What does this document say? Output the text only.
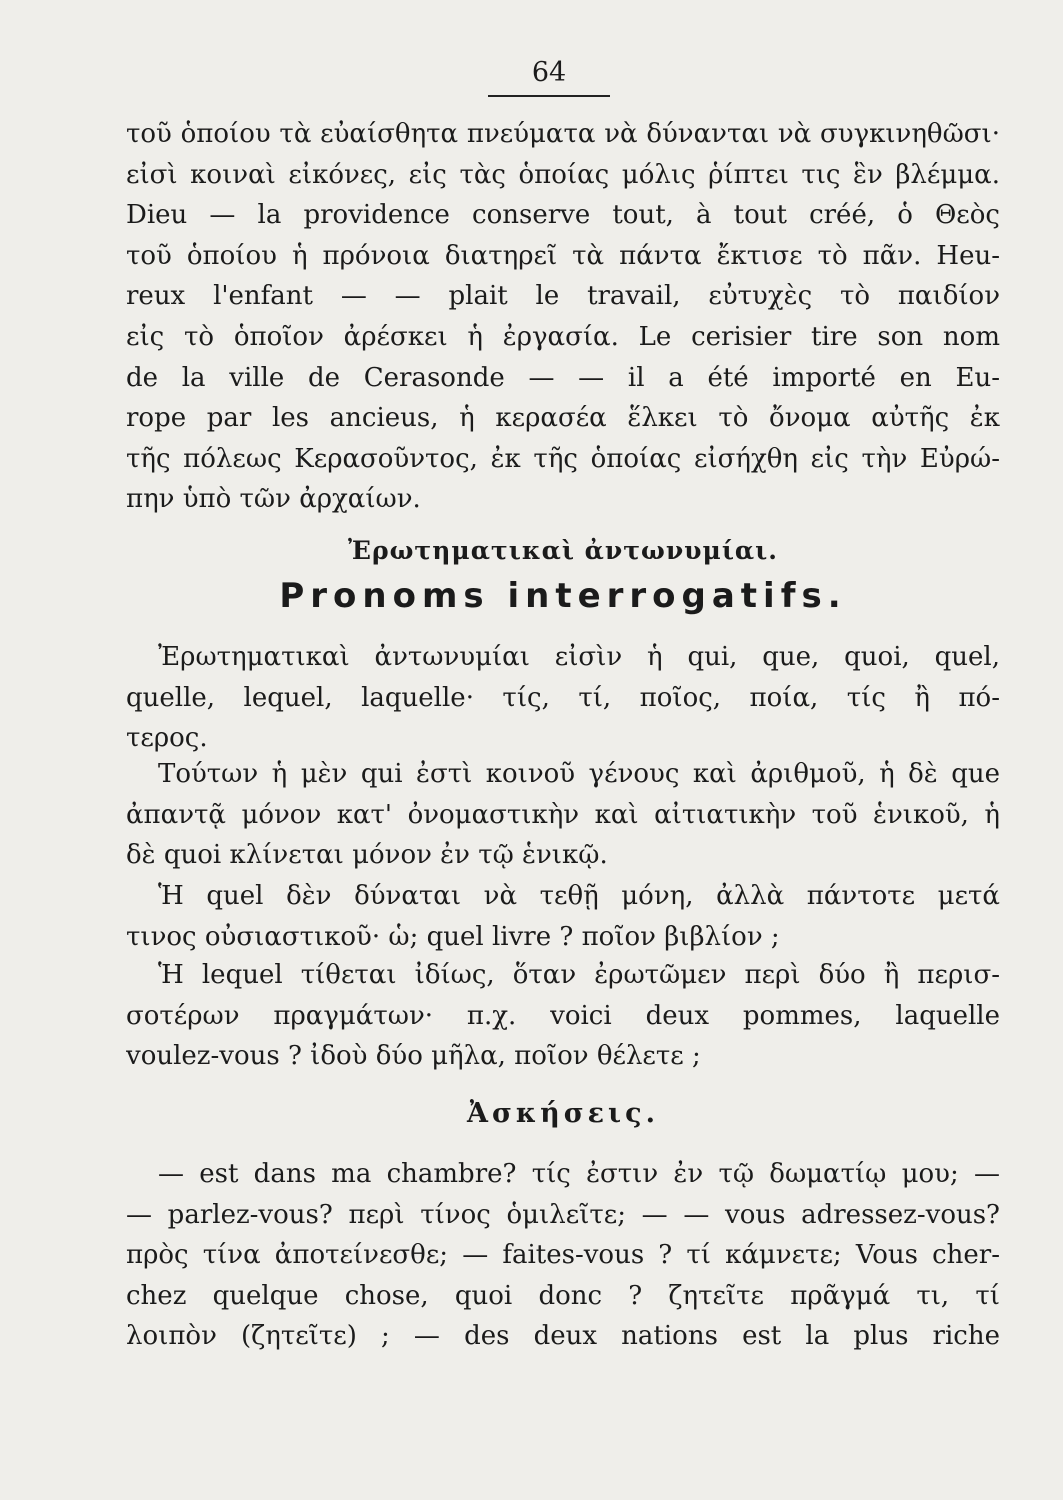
64
τοῦ ὁποίου τὰ εὐαίσθητα πνεύματα νὰ δύνανται νὰ συγκινηθῶσι·
εἰσὶ κοιναὶ εἰκόνες, εἰς τὰς ὁποίας μόλις ῥίπτει τις ἓν βλέμμα.
Dieu — la providence conserve tout, à tout créé, ὁ Θεὸς
τοῦ ὁποίου ἡ πρόνοια διατηρεῖ τὰ πάντα ἔκτισε τὸ πᾶν. Heu-
reux l'enfant — — plait le travail, εὐτυχὲς τὸ παιδίον
εἰς τὸ ὁποῖον ἀρέσκει ἡ ἐργασία. Le cerisier tire son nom
de la ville de Cerasonde — — il a été importé en Eu-
rope par les ancieus, ἡ κερασέα ἕλκει τὸ ὄνομα αὐτῆς ἐκ
τῆς πόλεως Κερασοῦντος, ἐκ τῆς ὁποίας εἰσήχθη εἰς τὴν Εὐρώ-
πην ὑπὸ τῶν ἀρχαίων.
Ἐρωτηματικαὶ ἀντωνυμίαι.
Pronoms interrogatifs.
Ἐρωτηματικαὶ ἀντωνυμίαι εἰσὶν ἡ qui, que, quoi, quel,
quelle, lequel, laquelle· τίς, τί, ποῖος, ποία, τίς ἢ πό-
τερος.
Τούτων ἡ μὲν qui ἐστὶ κοινοῦ γένους καὶ ἀριθμοῦ, ἡ δὲ que
ἀπαντᾷ μόνον κατ' ὀνομαστικὴν καὶ αἰτιατικὴν τοῦ ἑνικοῦ, ἡ
δὲ quoi κλίνεται μόνον ἐν τῷ ἑνικῷ.
Ἡ quel δὲν δύναται νὰ τεθῇ μόνη, ἀλλὰ πάντοτε μετά
τινος οὐσιαστικοῦ· ὡ; quel livre ? ποῖον βιβλίον ;
Ἡ lequel τίθεται ἰδίως, ὅταν ἐρωτῶμεν περὶ δύο ἢ περισ-
σοτέρων πραγμάτων· π.χ. voici deux pommes, laquelle
voulez-vous ? ἰδοὺ δύο μῆλα, ποῖον θέλετε ;
Ἀσκήσεις.
— est dans ma chambre? τίς ἐστιν ἐν τῷ δωματίῳ μου; —
— parlez-vous? περὶ τίνος ὁμιλεῖτε; — — vous adressez-vous?
πρὸς τίνα ἀποτείνεσθε; — faites-vous ? τί κάμνετε; Vous cher-
chez quelque chose, quoi donc ? ζητεῖτε πρᾶγμά τι, τί
λοιπὸν (ζητεῖτε) ; — des deux nations est la plus riche
